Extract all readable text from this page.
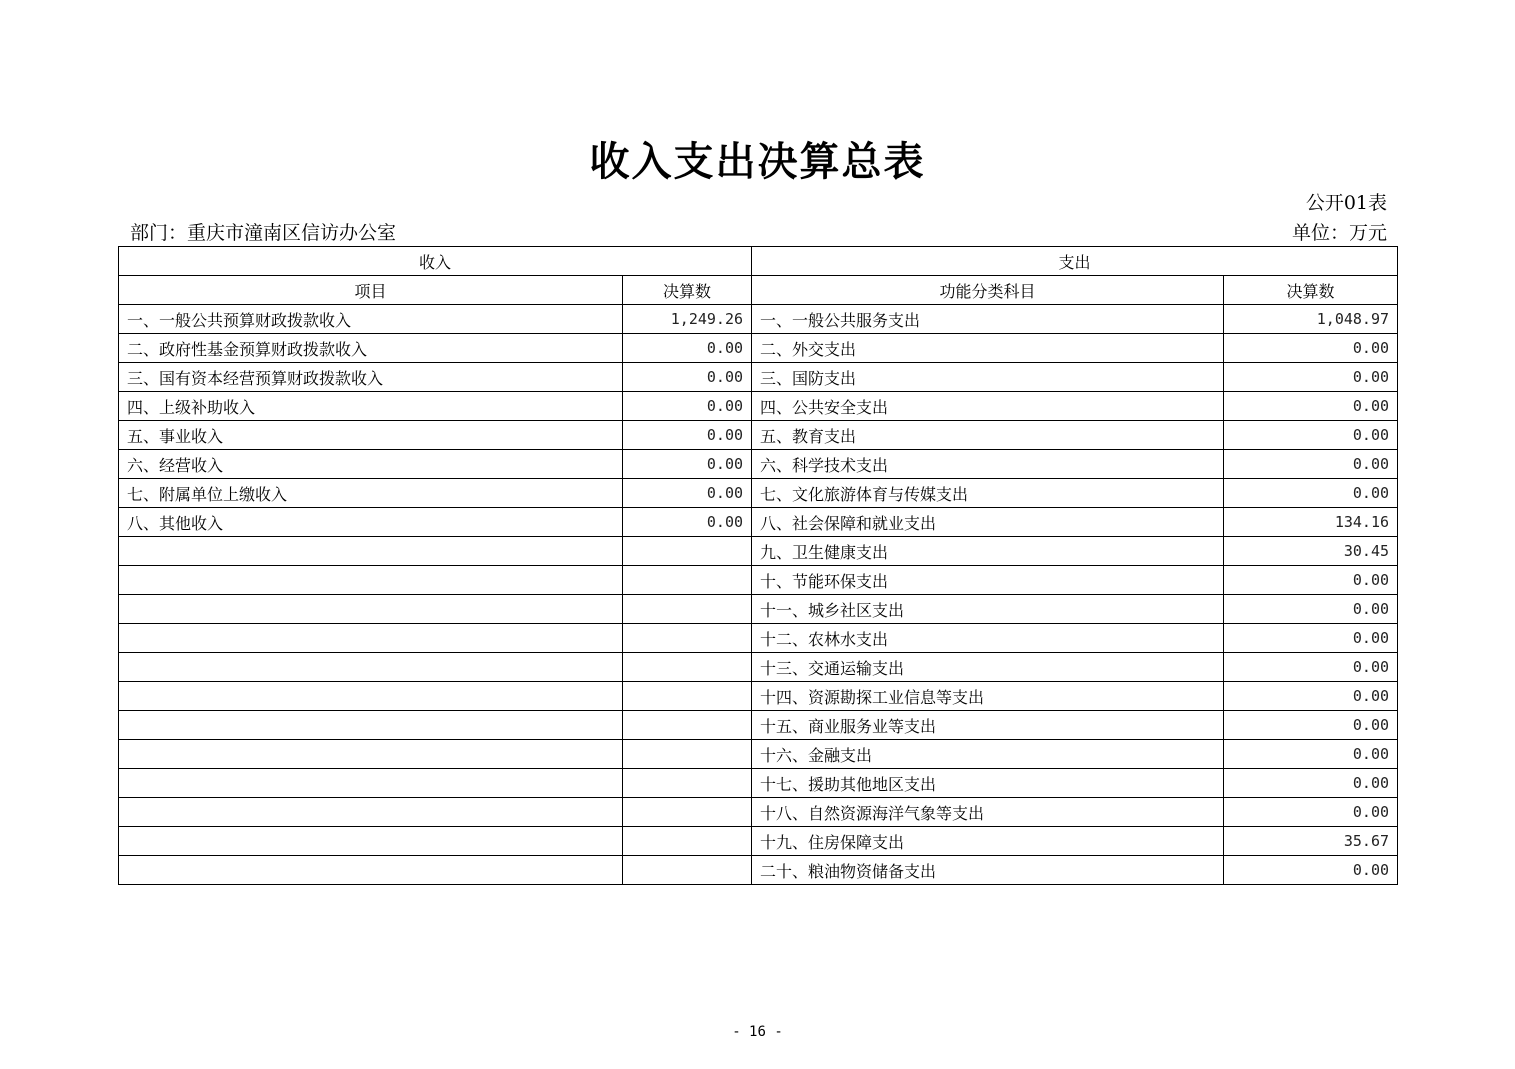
收入支出决算总表
公开01表
部门：重庆市潼南区信访办公室	单位：万元
收入		支出	
项目	决算数	功能分类科目	决算数
一、一般公共预算财政拨款收入	1,249.26	一、一般公共服务支出	1,048.97
二、政府性基金预算财政拨款收入	0.00	二、外交支出	0.00
三、国有资本经营预算财政拨款收入	0.00	三、国防支出	0.00
四、上级补助收入	0.00	四、公共安全支出	0.00
五、事业收入	0.00	五、教育支出	0.00
六、经营收入	0.00	六、科学技术支出	0.00
七、附属单位上缴收入	0.00	七、文化旅游体育与传媒支出	0.00
八、其他收入	0.00	八、社会保障和就业支出	134.16
		九、卫生健康支出	30.45
		十、节能环保支出	0.00
		十一、城乡社区支出	0.00
		十二、农林水支出	0.00
		十三、交通运输支出	0.00
		十四、资源勘探工业信息等支出	0.00
		十五、商业服务业等支出	0.00
		十六、金融支出	0.00
		十七、援助其他地区支出	0.00
		十八、自然资源海洋气象等支出	0.00
		十九、住房保障支出	35.67
		二十、粮油物资储备支出	0.00
- 16 -
